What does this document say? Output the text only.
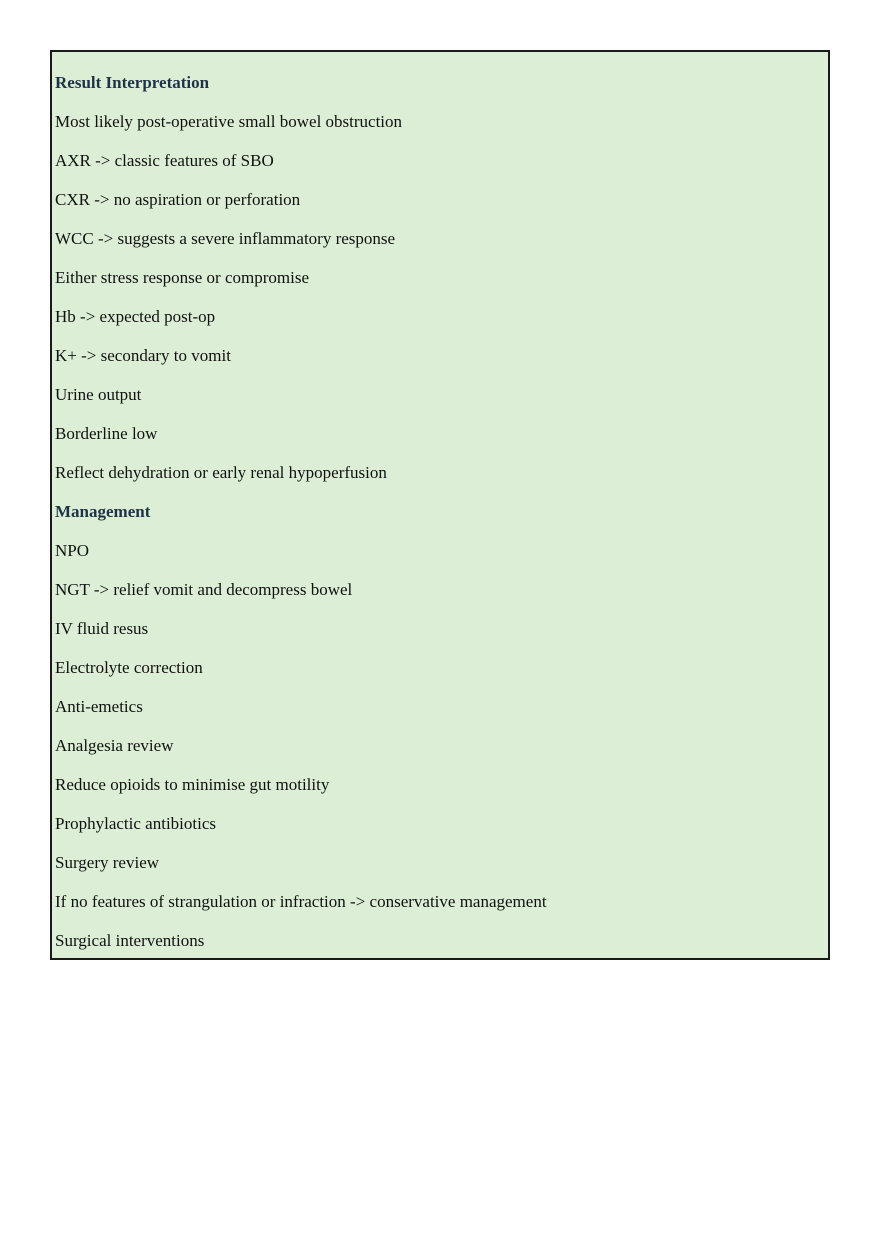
Result Interpretation
Most likely post-operative small bowel obstruction
AXR -> classic features of SBO
CXR -> no aspiration or perforation
WCC -> suggests a severe inflammatory response
Either stress response or compromise
Hb -> expected post-op
K+ -> secondary to vomit
Urine output
Borderline low
Reflect dehydration or early renal hypoperfusion
Management
NPO
NGT -> relief vomit and decompress bowel
IV fluid resus
Electrolyte correction
Anti-emetics
Analgesia review
Reduce opioids to minimise gut motility
Prophylactic antibiotics
Surgery review
If no features of strangulation or infraction -> conservative management
Surgical interventions
